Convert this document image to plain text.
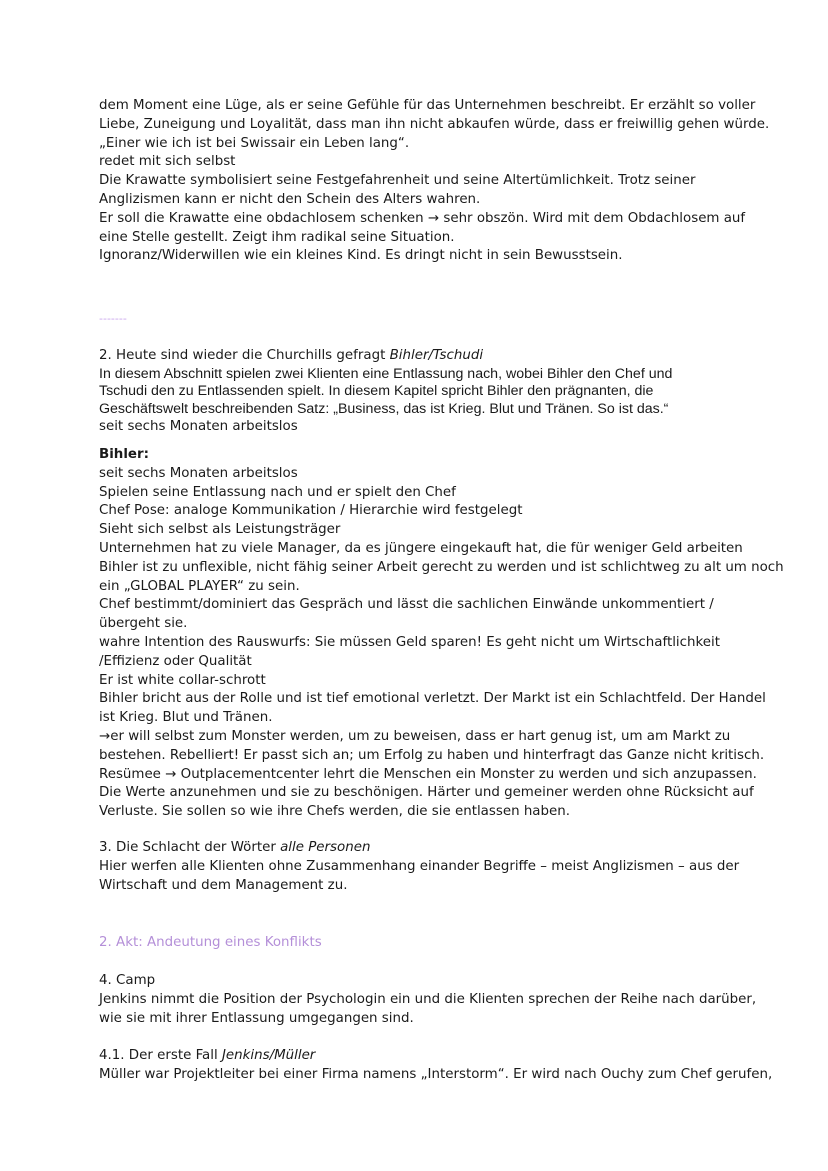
dem Moment eine Lüge, als er seine Gefühle für das Unternehmen beschreibt. Er erzählt so voller
Liebe, Zuneigung und Loyalität, dass man ihn nicht abkaufen würde, dass er freiwillig gehen würde.
„Einer wie ich ist bei Swissair ein Leben lang“.
redet mit sich selbst
Die Krawatte symbolisiert seine Festgefahrenheit und seine Altertümlichkeit. Trotz seiner
Anglizismen kann er nicht den Schein des Alters wahren.
Er soll die Krawatte eine obdachlosem schenken → sehr obszön. Wird mit dem Obdachlosem auf
eine Stelle gestellt. Zeigt ihm radikal seine Situation.
Ignoranz/Widerwillen wie ein kleines Kind. Es dringt nicht in sein Bewusstsein.
-------
2. Heute sind wieder die Churchills gefragt Bihler/Tschudi
In diesem Abschnitt spielen zwei Klienten eine Entlassung nach, wobei Bihler den Chef und
Tschudi den zu Entlassenden spielt. In diesem Kapitel spricht Bihler den prägnanten, die
Geschäftswelt beschreibenden Satz: „Business, das ist Krieg. Blut und Tränen. So ist das.“
seit sechs Monaten arbeitslos
Bihler:
seit sechs Monaten arbeitslos
Spielen seine Entlassung nach und er spielt den Chef
Chef Pose: analoge Kommunikation / Hierarchie wird festgelegt
Sieht sich selbst als Leistungsträger
Unternehmen hat zu viele Manager, da es jüngere eingekauft hat, die für weniger Geld arbeiten
Bihler ist zu unflexible, nicht fähig seiner Arbeit gerecht zu werden und ist schlichtweg zu alt um noch
ein „GLOBAL PLAYER“ zu sein.
Chef bestimmt/dominiert das Gespräch und lässt die sachlichen Einwände unkommentiert /
übergeht sie.
wahre Intention des Rauswurfs: Sie müssen Geld sparen! Es geht nicht um Wirtschaftlichkeit
/Effizienz oder Qualität
Er ist white collar-schrott
Bihler bricht aus der Rolle und ist tief emotional verletzt. Der Markt ist ein Schlachtfeld. Der Handel
ist Krieg. Blut und Tränen.
→er will selbst zum Monster werden, um zu beweisen, dass er hart genug ist, um am Markt zu
bestehen. Rebelliert! Er passt sich an; um Erfolg zu haben und hinterfragt das Ganze nicht kritisch.
Resümee → Outplacementcenter lehrt die Menschen ein Monster zu werden und sich anzupassen.
Die Werte anzunehmen und sie zu beschönigen. Härter und gemeiner werden ohne Rücksicht auf
Verluste. Sie sollen so wie ihre Chefs werden, die sie entlassen haben.
3. Die Schlacht der Wörter alle Personen
Hier werfen alle Klienten ohne Zusammenhang einander Begriffe – meist Anglizismen – aus der
Wirtschaft und dem Management zu.
2. Akt: Andeutung eines Konflikts
4. Camp
Jenkins nimmt die Position der Psychologin ein und die Klienten sprechen der Reihe nach darüber,
wie sie mit ihrer Entlassung umgegangen sind.
4.1. Der erste Fall Jenkins/Müller
Müller war Projektleiter bei einer Firma namens „Interstorm“. Er wird nach Ouchy zum Chef gerufen,
